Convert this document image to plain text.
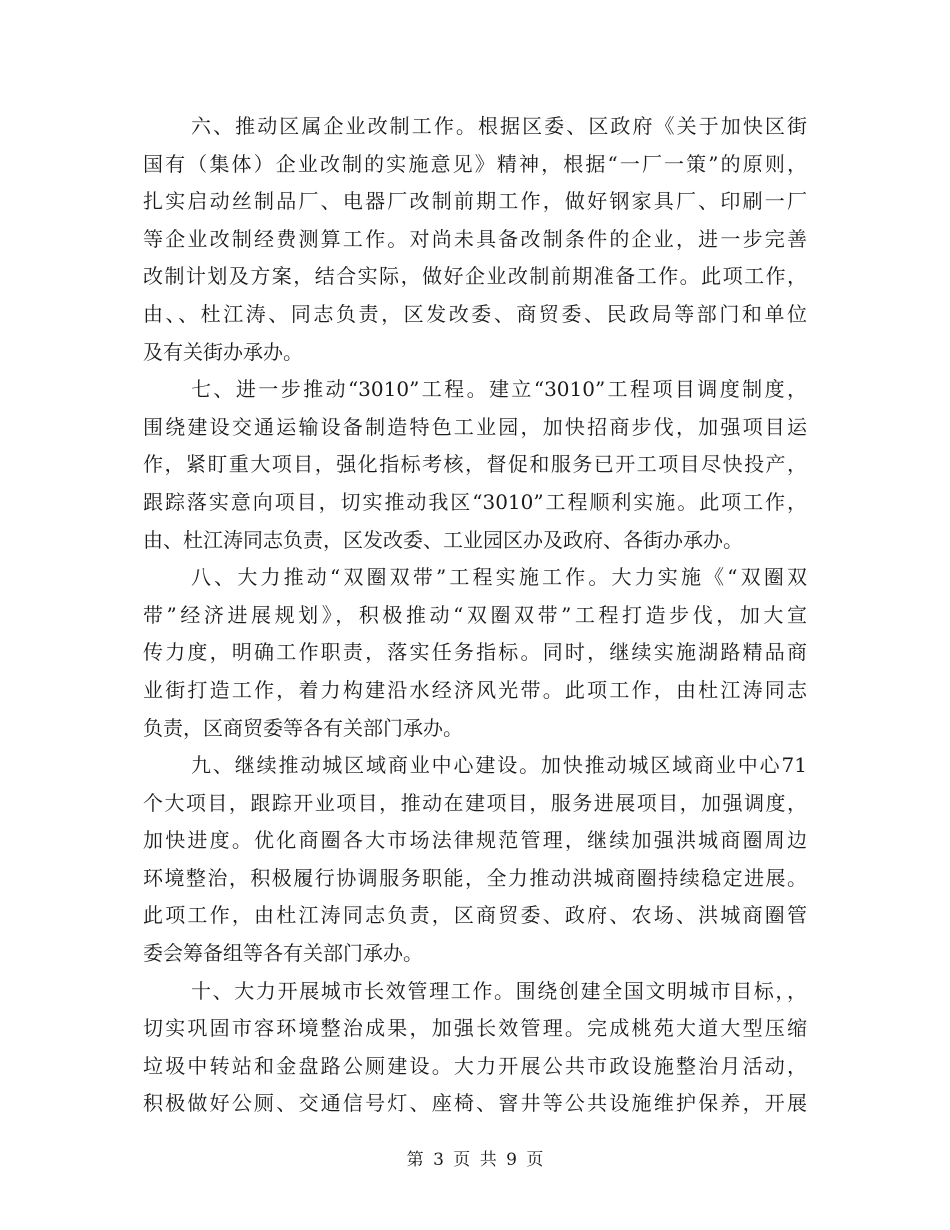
六、推动区属企业改制工作。根据区委、区政府《关于加快区街
国有（集体）企业改制的实施意见》精神，根据“一厂一策”的原则，
扎实启动丝制品厂、电器厂改制前期工作，做好钢家具厂、印刷一厂
等企业改制经费测算工作。对尚未具备改制条件的企业，进一步完善
改制计划及方案，结合实际，做好企业改制前期准备工作。此项工作，
由、、杜江涛、同志负责，区发改委、商贸委、民政局等部门和单位
及有关街办承办。
七、进一步推动“3010”工程。建立“3010”工程项目调度制度，
围绕建设交通运输设备制造特色工业园，加快招商步伐，加强项目运
作，紧盯重大项目，强化指标考核，督促和服务已开工项目尽快投产，
跟踪落实意向项目，切实推动我区“3010”工程顺利实施。此项工作，
由、杜江涛同志负责，区发改委、工业园区办及政府、各街办承办。
八、大力推动“双圈双带”工程实施工作。大力实施《“双圈双
带”经济进展规划》，积极推动“双圈双带”工程打造步伐，加大宣
传力度，明确工作职责，落实任务指标。同时，继续实施湖路精品商
业街打造工作，着力构建沿水经济风光带。此项工作，由杜江涛同志
负责，区商贸委等各有关部门承办。
九、继续推动城区域商业中心建设。加快推动城区域商业中心71
个大项目，跟踪开业项目，推动在建项目，服务进展项目，加强调度，
加快进度。优化商圈各大市场法律规范管理，继续加强洪城商圈周边
环境整治，积极履行协调服务职能，全力推动洪城商圈持续稳定进展。
此项工作，由杜江涛同志负责，区商贸委、政府、农场、洪城商圈管
委会筹备组等各有关部门承办。
十、大力开展城市长效管理工作。围绕创建全国文明城市目标，，
切实巩固市容环境整治成果，加强长效管理。完成桃苑大道大型压缩
垃圾中转站和金盘路公厕建设。大力开展公共市政设施整治月活动，
积极做好公厕、交通信号灯、座椅、窨井等公共设施维护保养，开展
第 3 页 共 9 页
